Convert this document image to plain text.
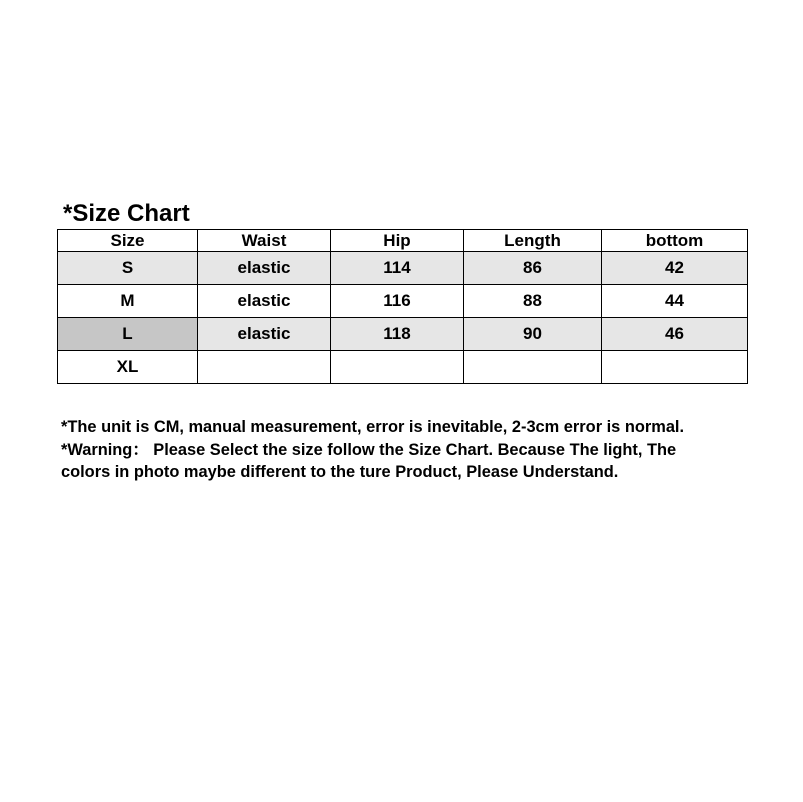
*Size Chart
Size	Waist	Hip	Length	bottom
S	elastic	114	86	42
M	elastic	116	88	44
L	elastic	118	90	46
XL				

*The unit is CM, manual measurement, error is inevitable, 2-3cm error is normal.

*Warning： Please Select the size follow the Size Chart. Because The light, The

colors in photo maybe different to the ture Product, Please Understand.
